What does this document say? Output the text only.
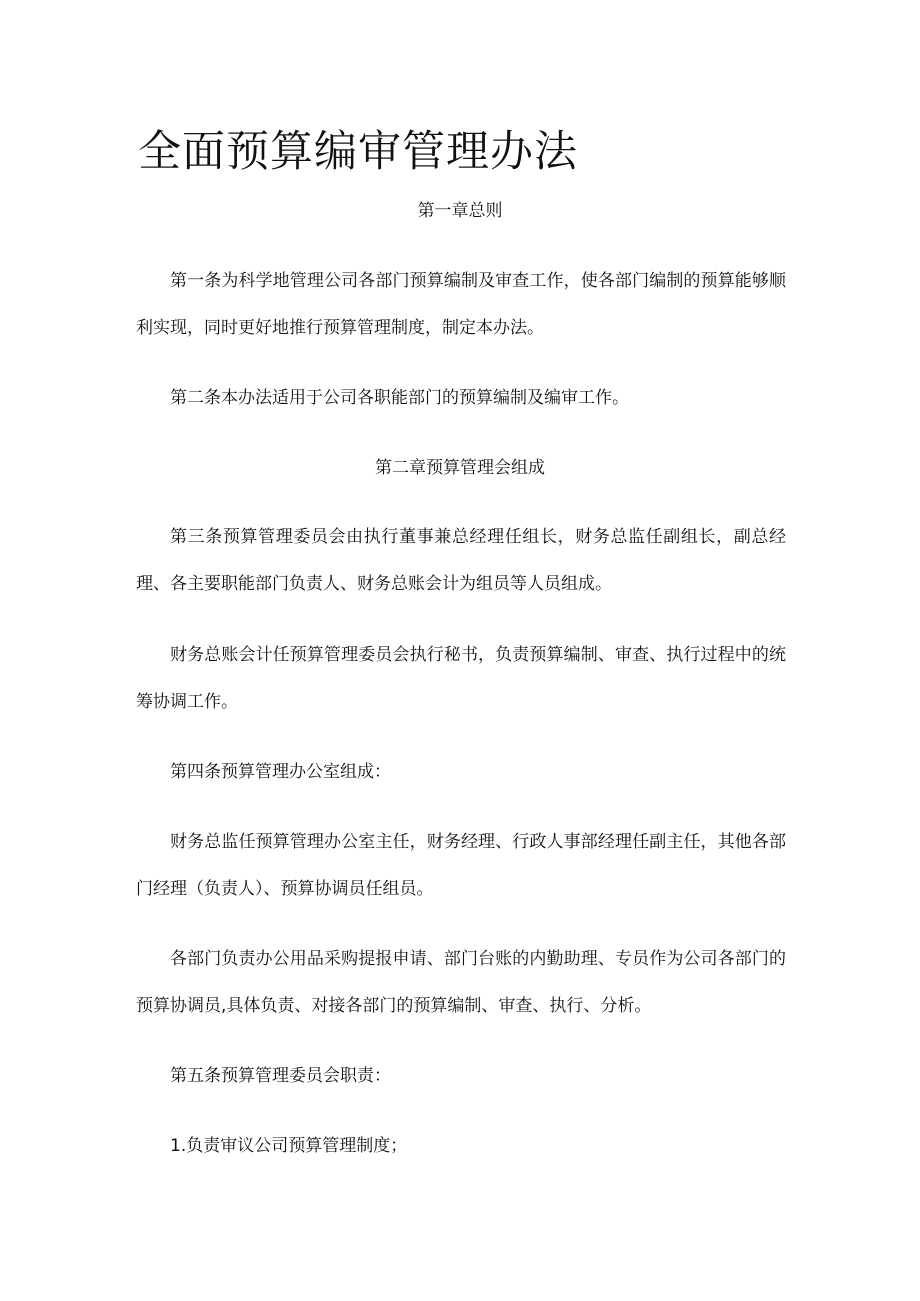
全面预算编审管理办法
第一章总则

第一条为科学地管理公司各部门预算编制及审查工作，使各部门编制的预算能够顺利实现，同时更好地推行预算管理制度，制定本办法。

第二条本办法适用于公司各职能部门的预算编制及编审工作。

第二章预算管理会组成

第三条预算管理委员会由执行董事兼总经理任组长，财务总监任副组长，副总经理、各主要职能部门负责人、财务总账会计为组员等人员组成。

财务总账会计任预算管理委员会执行秘书，负责预算编制、审查、执行过程中的统筹协调工作。

第四条预算管理办公室组成：

财务总监任预算管理办公室主任，财务经理、行政人事部经理任副主任，其他各部门经理（负责人）、预算协调员任组员。

各部门负责办公用品采购提报申请、部门台账的内勤助理、专员作为公司各部门的预算协调员,具体负责、对接各部门的预算编制、审查、执行、分析。

第五条预算管理委员会职责：

1.负责审议公司预算管理制度；
